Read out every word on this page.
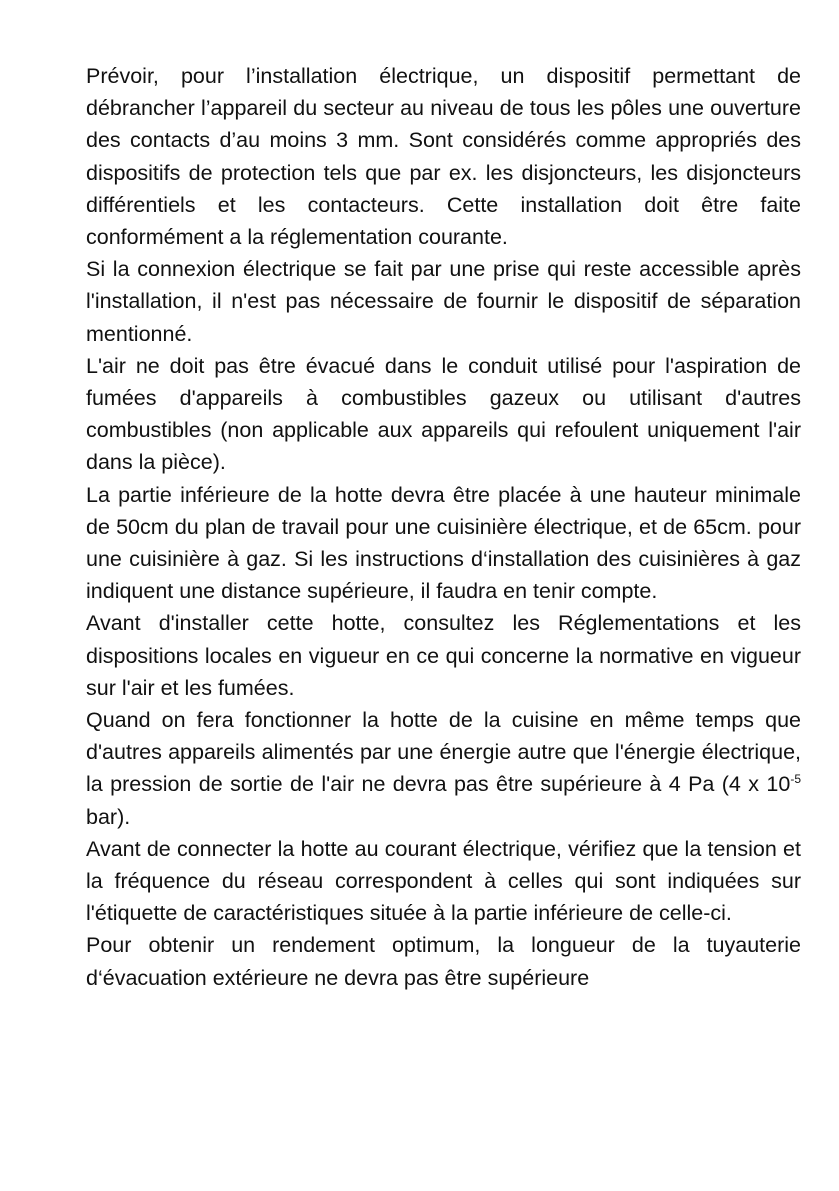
Prévoir, pour l’installation électrique, un dispositif permettant de débrancher l’appareil du secteur au niveau de tous les pôles une ouverture des contacts d’au moins 3 mm. Sont considérés comme appropriés des dispositifs de protection tels que par ex. les disjoncteurs, les disjoncteurs différentiels et les contacteurs. Cette installation doit être faite conformément a la réglementation courante.

Si la connexion électrique se fait par une prise qui reste accessible après l'installation, il n'est pas nécessaire de fournir le dispositif de séparation mentionné.

L'air ne doit pas être évacué dans le conduit utilisé pour l'aspiration de fumées d'appareils à combustibles gazeux ou utilisant d'autres combustibles (non applicable aux appareils qui refoulent uniquement l'air dans la pièce).

La partie inférieure de la hotte devra être placée à une hauteur minimale de 50cm du plan de travail pour une cuisinière électrique, et de 65cm. pour une cuisinière à gaz. Si les instructions d‘installation des cuisinières à gaz indiquent une distance supérieure, il faudra en tenir compte.

Avant d'installer cette hotte, consultez les Réglementations et les dispositions locales en vigueur en ce qui concerne la normative en vigueur sur l'air et les fumées.

Quand on fera fonctionner la hotte de la cuisine en même temps que d'autres appareils alimentés par une énergie autre que l'énergie électrique, la pression de sortie de l'air ne devra pas être supérieure à 4 Pa (4 x $10^{-5}$ bar).

Avant de connecter la hotte au courant électrique, vérifiez que la tension et la fréquence du réseau correspondent à celles qui sont indiquées sur l'étiquette de caractéristiques située à la partie inférieure de celle-ci.

Pour obtenir un rendement optimum, la longueur de la tuyauterie d‘évacuation extérieure ne devra pas être supérieure
